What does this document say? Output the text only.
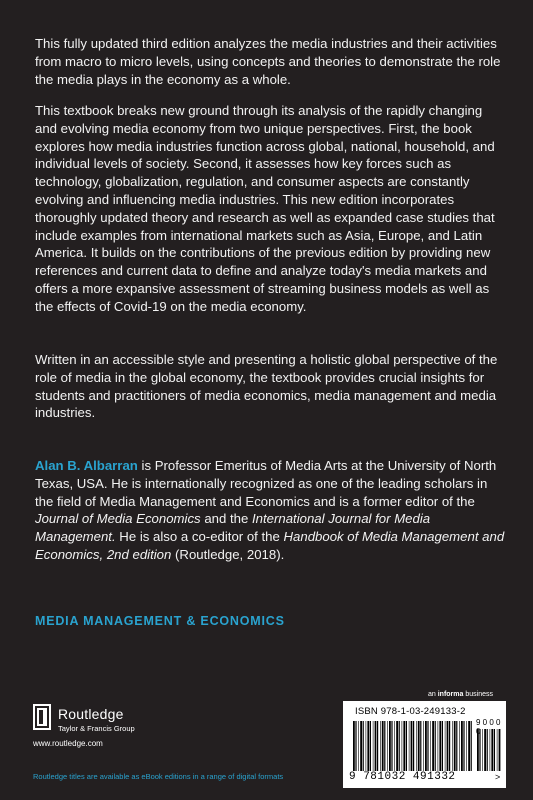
This fully updated third edition analyzes the media industries and their activities from macro to micro levels, using concepts and theories to demonstrate the role the media plays in the economy as a whole.

This textbook breaks new ground through its analysis of the rapidly changing and evolving media economy from two unique perspectives. First, the book explores how media industries function across global, national, household, and individual levels of society. Second, it assesses how key forces such as technology, globalization, regulation, and consumer aspects are constantly evolving and influencing media industries. This new edition incorporates thoroughly updated theory and research as well as expanded case studies that include examples from international markets such as Asia, Europe, and Latin America. It builds on the contributions of the previous edition by providing new references and current data to define and analyze today's media markets and offers a more expansive assessment of streaming business models as well as the effects of Covid-19 on the media economy.

Written in an accessible style and presenting a holistic global perspective of the role of media in the global economy, the textbook provides crucial insights for students and practitioners of media economics, media management and media industries.

Alan B. Albarran is Professor Emeritus of Media Arts at the University of North Texas, USA. He is internationally recognized as one of the leading scholars in the field of Media Management and Economics and is a former editor of the Journal of Media Economics and the International Journal for Media Management. He is also a co-editor of the Handbook of Media Management and Economics, 2nd edition (Routledge, 2018).

MEDIA MANAGEMENT & ECONOMICS

an informa business
Routledge
Taylor & Francis Group
www.routledge.com
Routledge titles are available as eBook editions in a range of digital formats
ISBN 978-1-03-249133-2
9 0 0 0
9 781032 491332	>
